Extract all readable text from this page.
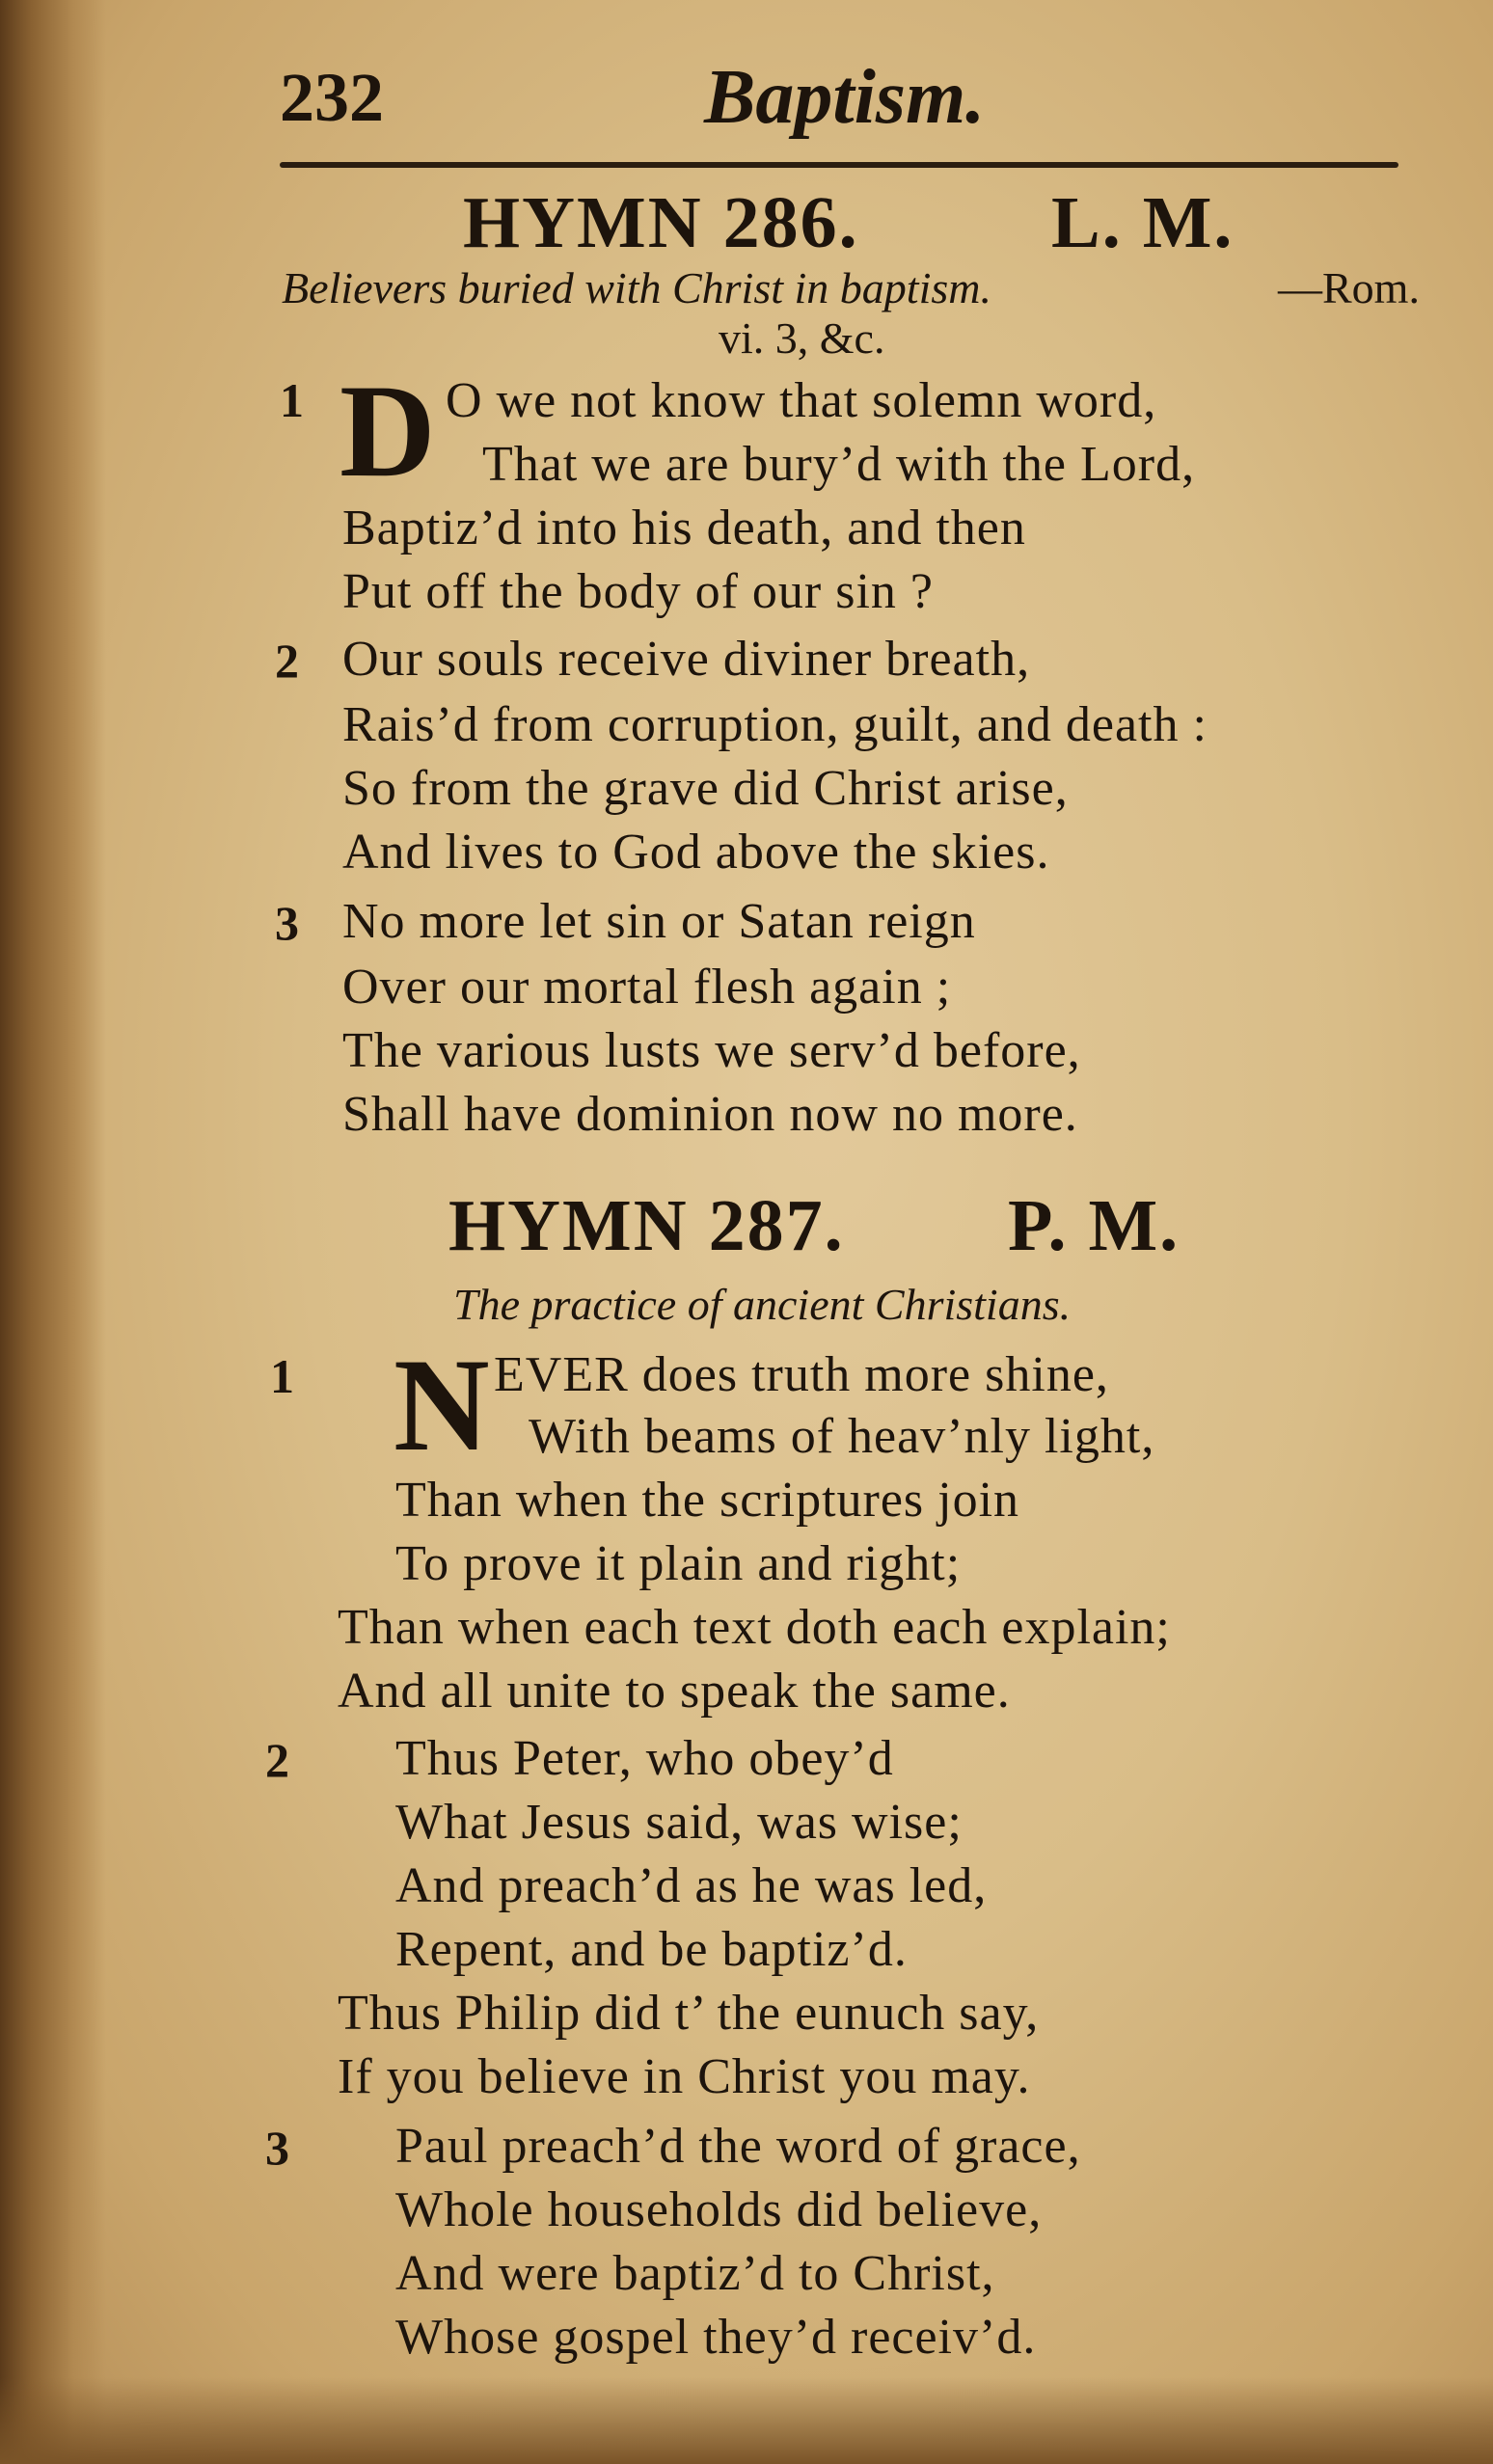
232	Baptism.
HYMN 286.	L. M.
Believers buried with Christ in baptism.	—Rom.
vi. 3, &c.
1 D O we not know that solemn word,
That we are bury’d with the Lord,
Baptiz’d into his death, and then
Put off the body of our sin ?
2 Our souls receive diviner breath,
Rais’d from corruption, guilt, and death :
So from the grave did Christ arise,
And lives to God above the skies.
3 No more let sin or Satan reign
Over our mortal flesh again ;
The various lusts we serv’d before,
Shall have dominion now no more.
HYMN 287. P. M.
The practice of ancient Christians.
1 N EVER does truth more shine,
With beams of heav’nly light,
Than when the scriptures join
To prove it plain and right;
Than when each text doth each explain;
And all unite to speak the same.
2 Thus Peter, who obey’d
What Jesus said, was wise;
And preach’d as he was led,
Repent, and be baptiz’d.
Thus Philip did t’ the eunuch say,
If you believe in Christ you may.
3 Paul preach’d the word of grace,
Whole households did believe,
And were baptiz’d to Christ,
Whose gospel they’d receiv’d.
